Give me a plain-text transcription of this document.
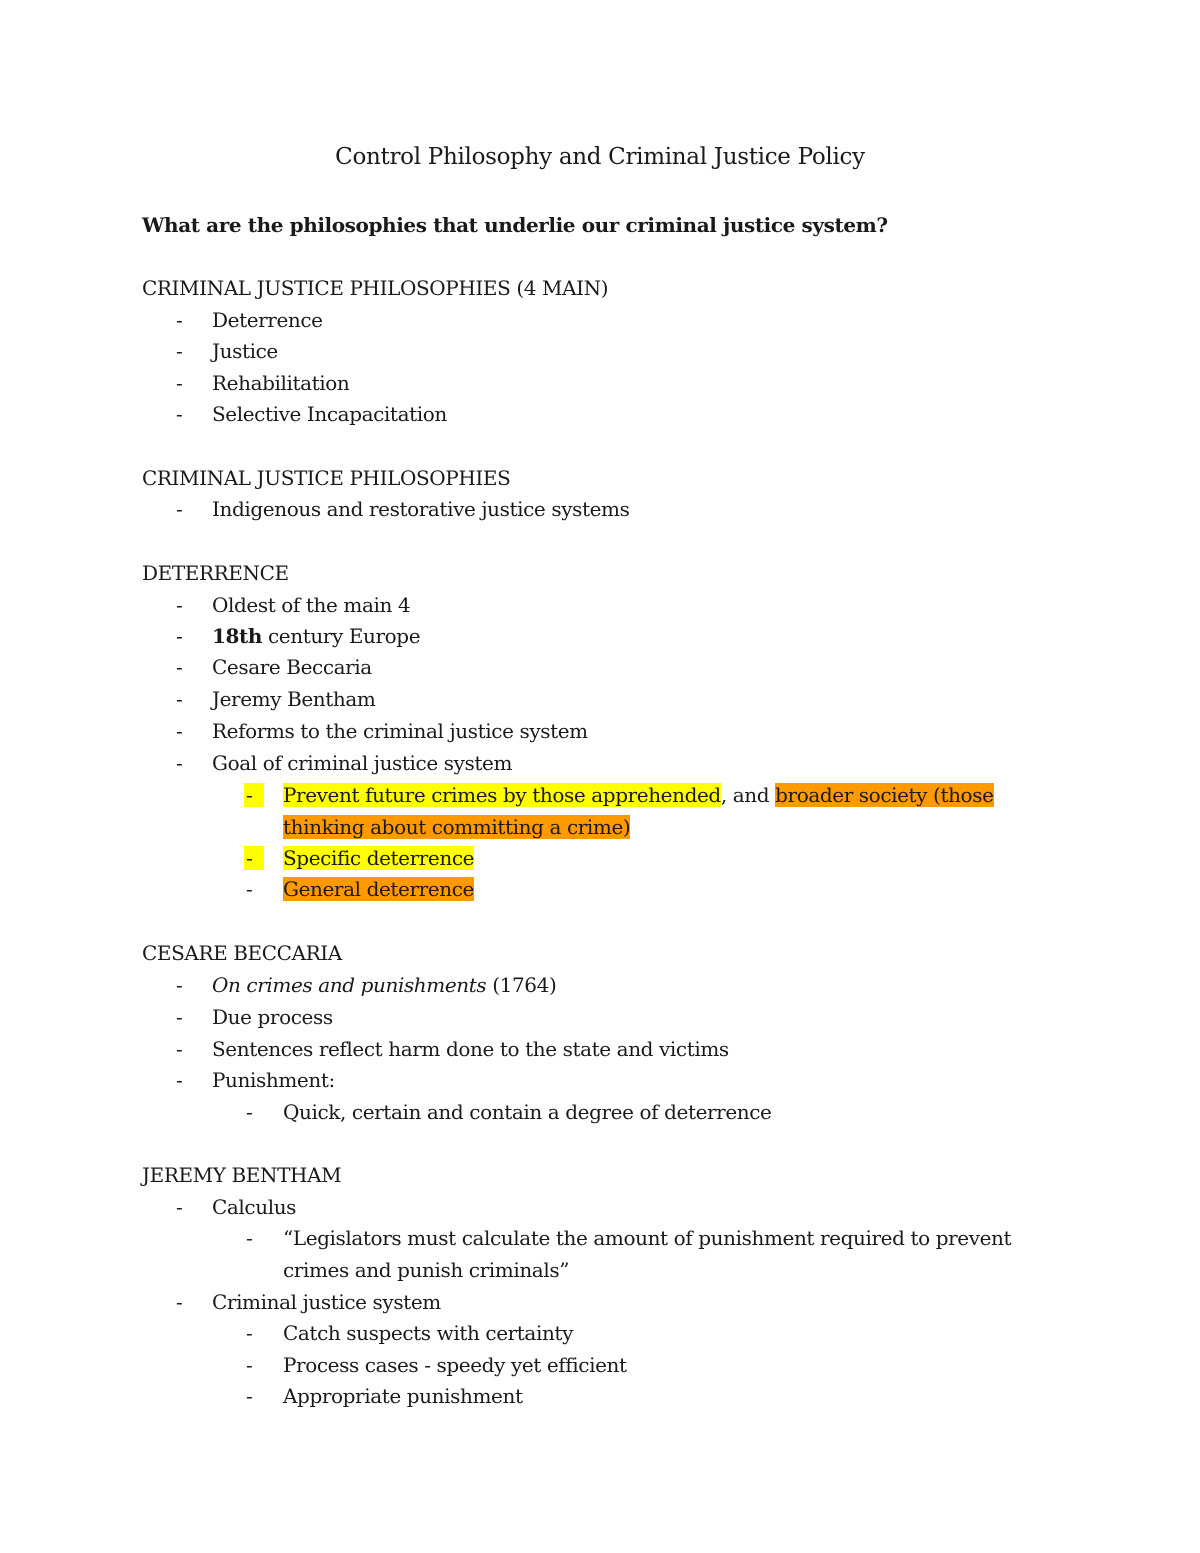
Control Philosophy and Criminal Justice Policy

What are the philosophies that underlie our criminal justice system?

CRIMINAL JUSTICE PHILOSOPHIES (4 MAIN)
- Deterrence
- Justice
- Rehabilitation
- Selective Incapacitation
CRIMINAL JUSTICE PHILOSOPHIES
- Indigenous and restorative justice systems
DETERRENCE
- Oldest of the main 4
- 18th century Europe
- Cesare Beccaria
- Jeremy Bentham
- Reforms to the criminal justice system
- Goal of criminal justice system
-	Prevent future crimes by those apprehended, and broader society (those
thinking about committing a crime)
-	Specific deterrence
- General deterrence
CESARE BECCARIA
- On crimes and punishments (1764)
- Due process
- Sentences reflect harm done to the state and victims
- Punishment:
- Quick, certain and contain a degree of deterrence
JEREMY BENTHAM
- Calculus
- “Legislators must calculate the amount of punishment required to prevent
crimes and punish criminals”
- Criminal justice system
- Catch suspects with certainty
- Process cases - speedy yet efficient
- Appropriate punishment
